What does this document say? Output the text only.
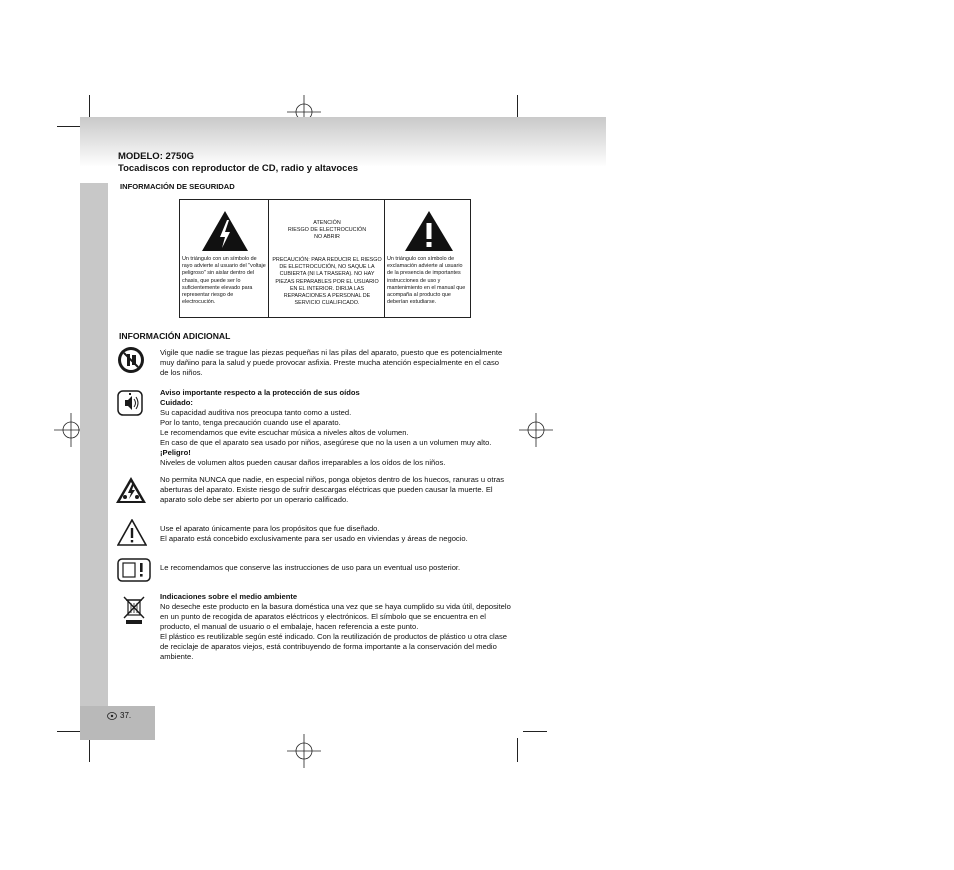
MODELO: 2750G
Tocadiscos con reproductor de CD, radio y altavoces
INFORMACIÓN DE SEGURIDAD
Un triángulo con un símbolo de rayo advierte al usuario del "voltaje peligroso" sin aislar dentro del chasis, que puede ser lo suficientemente elevado para representar riesgo de electrocución.
ATENCIÓN
RIESGO DE ELECTROCUCIÓN
NO ABRIR
PRECAUCIÓN: PARA REDUCIR EL RIESGO DE ELECTROCUCIÓN, NO SAQUE LA CUBIERTA (NI LA TRASERA). NO HAY PIEZAS REPARABLES POR EL USUARIO EN EL INTERIOR. DIRIJA LAS REPARACIONES A PERSONAL DE SERVICIO CUALIFICADO.
Un triángulo con símbolo de exclamación advierte al usuario de la presencia de importantes instrucciones de uso y mantenimiento en el manual que acompaña al producto que deberían estudiarse.
INFORMACIÓN ADICIONAL
Vigile que nadie se trague las piezas pequeñas ni las pilas del aparato, puesto que es potencialmente muy dañino para la salud y puede provocar asfixia. Preste mucha atención especialmente en el caso de los niños.
Aviso importante respecto a la protección de sus oídos
Cuidado:
Su capacidad auditiva nos preocupa tanto como a usted.
Por lo tanto, tenga precaución cuando use el aparato.
Le recomendamos que evite escuchar música a niveles altos de volumen.
En caso de que el aparato sea usado por niños, asegúrese que no la usen a un volumen muy alto.
¡Peligro!
Niveles de volumen altos pueden causar daños irreparables a los oídos de los niños.
No permita NUNCA que nadie, en especial niños, ponga objetos dentro de los huecos, ranuras u otras aberturas del aparato. Existe riesgo de sufrir descargas eléctricas que pueden causar la muerte. El aparato solo debe ser abierto por un operario calificado.
Use el aparato únicamente para los propósitos que fue diseñado.
El aparato está concebido exclusivamente para ser usado en viviendas y áreas de negocio.
Le recomendamos que conserve las instrucciones de uso para un eventual uso posterior.
Indicaciones sobre el medio ambiente
No deseche este producto en la basura doméstica una vez que se haya cumplido su vida útil, depositelo en un punto de recogida de aparatos eléctricos y electrónicos. El símbolo que se encuentra en el producto, el manual de usuario o el embalaje, hacen referencia a este punto.
El plástico es reutilizable según esté indicado. Con la reutilización de productos de plástico u otra clase de reciclaje de aparatos viejos, está contribuyendo de forma importante a la conservación del medio ambiente.
37.
